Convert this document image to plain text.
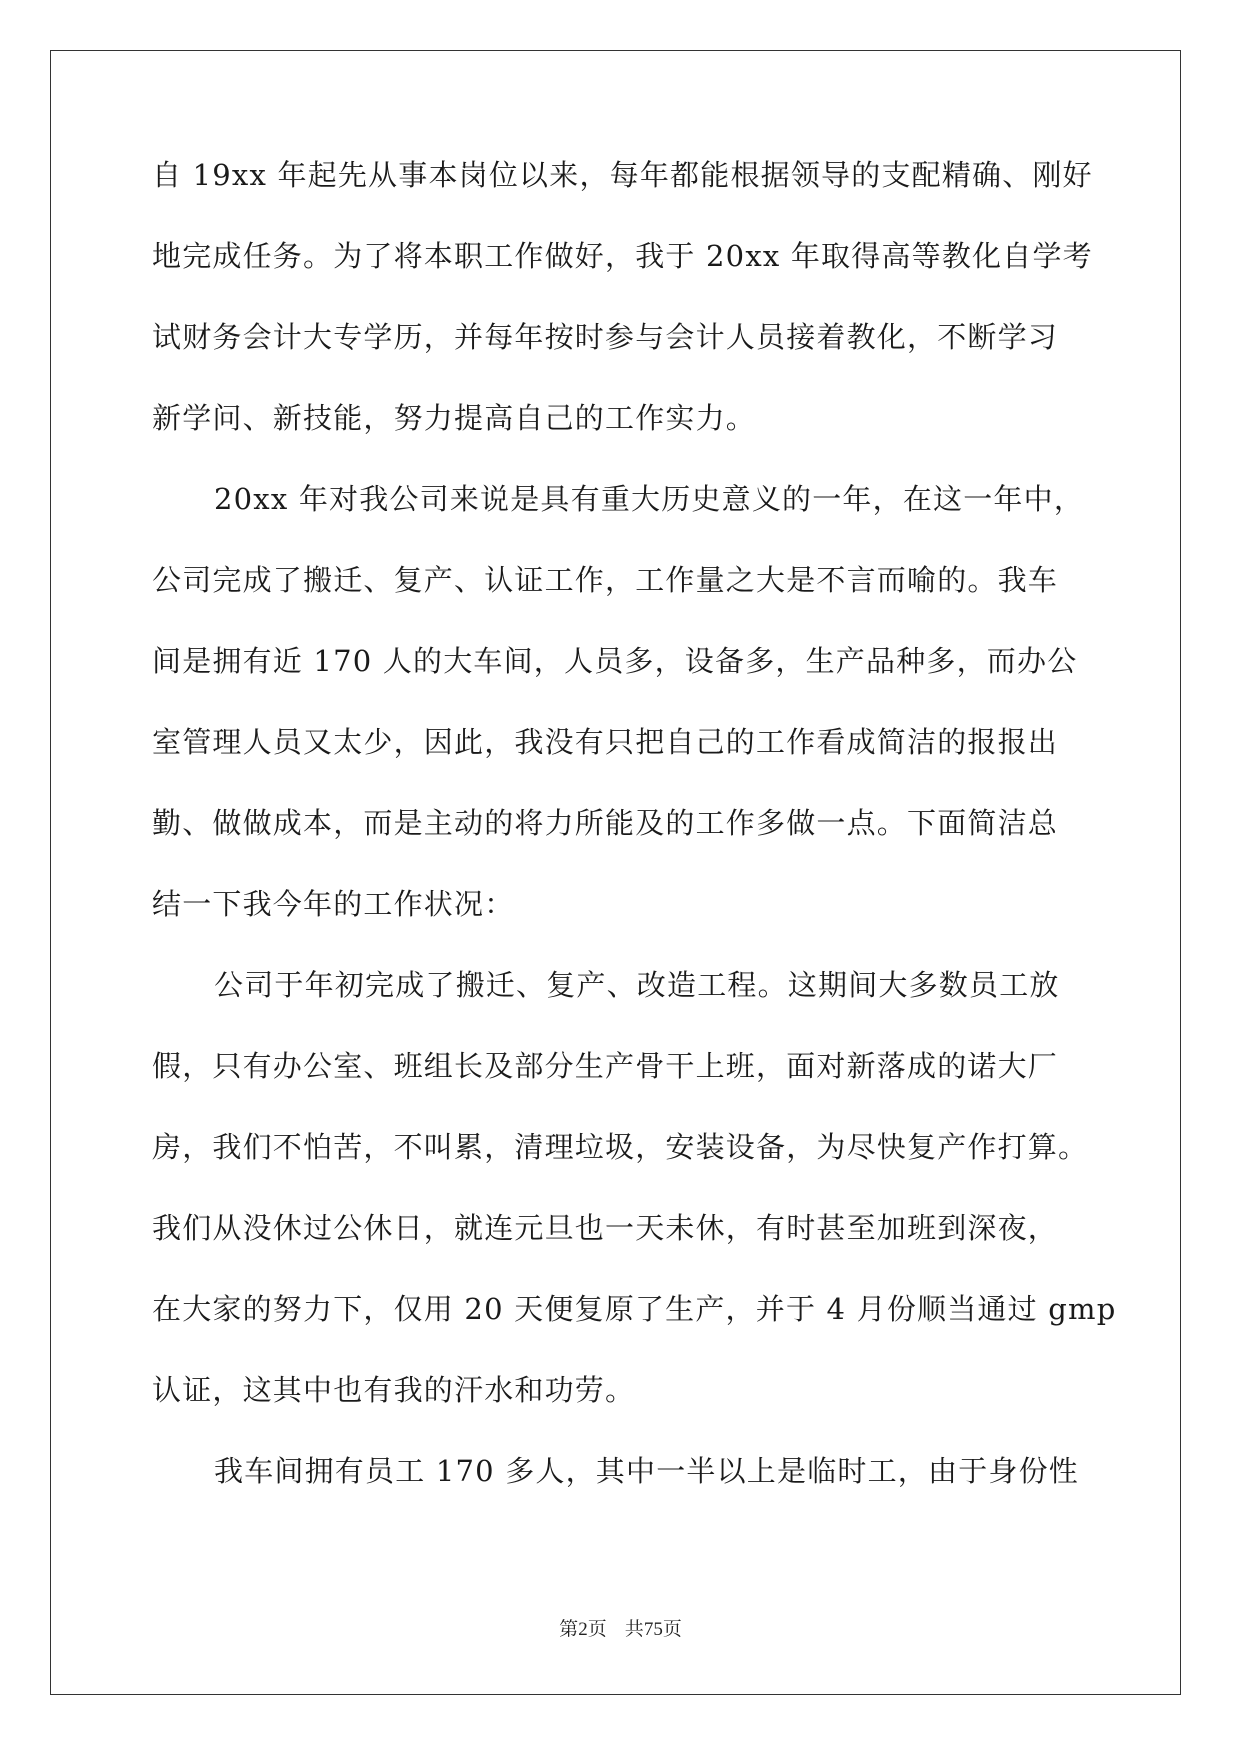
自 19xx 年起先从事本岗位以来，每年都能根据领导的支配精确、刚好
地完成任务。为了将本职工作做好，我于 20xx 年取得高等教化自学考
试财务会计大专学历，并每年按时参与会计人员接着教化，不断学习
新学问、新技能，努力提高自己的工作实力。
20xx 年对我公司来说是具有重大历史意义的一年，在这一年中，
公司完成了搬迁、复产、认证工作，工作量之大是不言而喻的。我车
间是拥有近 170 人的大车间，人员多，设备多，生产品种多，而办公
室管理人员又太少，因此，我没有只把自己的工作看成简洁的报报出
勤、做做成本，而是主动的将力所能及的工作多做一点。下面简洁总
结一下我今年的工作状况：
公司于年初完成了搬迁、复产、改造工程。这期间大多数员工放
假，只有办公室、班组长及部分生产骨干上班，面对新落成的诺大厂
房，我们不怕苦，不叫累，清理垃圾，安装设备，为尽快复产作打算。
我们从没休过公休日，就连元旦也一天未休，有时甚至加班到深夜，
在大家的努力下，仅用 20 天便复原了生产，并于 4 月份顺当通过 gmp
认证，这其中也有我的汗水和功劳。
我车间拥有员工 170 多人，其中一半以上是临时工，由于身份性
第2页   共75页
